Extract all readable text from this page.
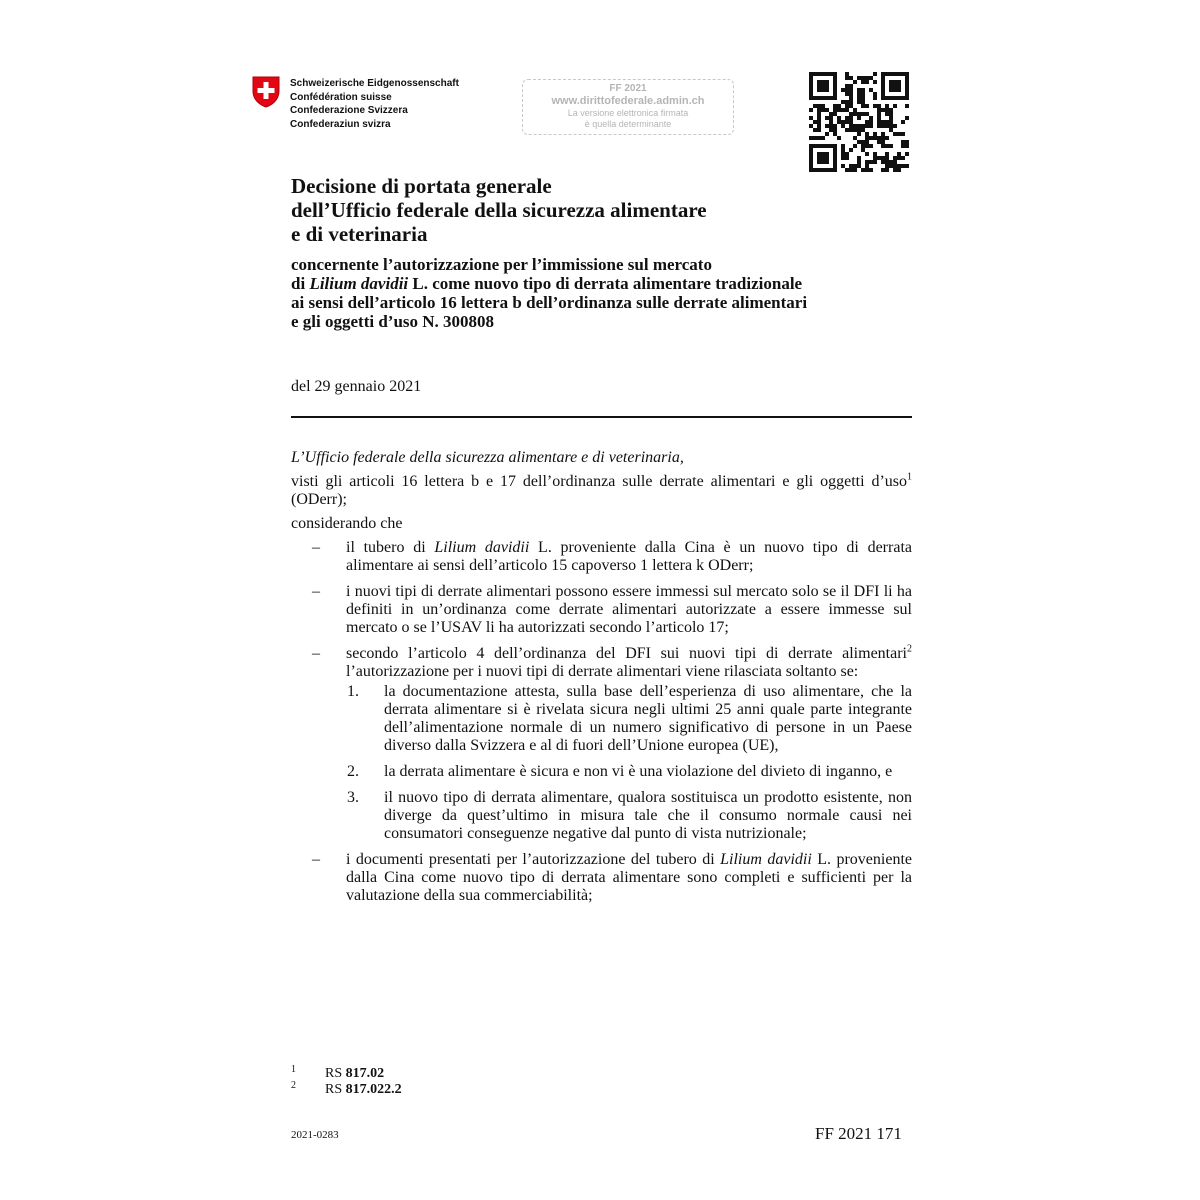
Schweizerische Eidgenossenschaft
Confédération suisse
Confederazione Svizzera
Confederaziun svizra
FF 2021
www.dirittofederale.admin.ch
La versione elettronica firmata
è quella determinante
Decisione di portata generale
dell’Ufficio federale della sicurezza alimentare
e di veterinaria
concernente l’autorizzazione per l’immissione sul mercato
di Lilium davidii L. come nuovo tipo di derrata alimentare tradizionale
ai sensi dell’articolo 16 lettera b dell’ordinanza sulle derrate alimentari
e gli oggetti d’uso N. 300808
del 29 gennaio 2021

L’Ufficio federale della sicurezza alimentare e di veterinaria,

visti gli articoli 16 lettera b e 17 dell’ordinanza sulle derrate alimentari e gli oggetti d’uso$^1$ (ODerr);

considerando che

– il tubero di Lilium davidii L. proveniente dalla Cina è un nuovo tipo di derrata alimentare ai sensi dell’articolo 15 capoverso 1 lettera k ODerr;
– i nuovi tipi di derrate alimentari possono essere immessi sul mercato solo se il DFI li ha definiti in un’ordinanza come derrate alimentari autorizzate a essere immesse sul mercato o se l’USAV li ha autorizzati secondo l’articolo 17;
– secondo l’articolo 4 dell’ordinanza del DFI sui nuovi tipi di derrate alimentari$^2$ l’autorizzazione per i nuovi tipi di derrate alimentari viene rilasciata soltanto se:
1. la documentazione attesta, sulla base dell’esperienza di uso alimentare, che la derrata alimentare si è rivelata sicura negli ultimi 25 anni quale parte integrante dell’alimentazione normale di un numero significativo di persone in un Paese diverso dalla Svizzera e al di fuori dell’Unione europea (UE),
2. la derrata alimentare è sicura e non vi è una violazione del divieto di inganno, e
3. il nuovo tipo di derrata alimentare, qualora sostituisca un prodotto esistente, non diverge da quest’ultimo in misura tale che il consumo normale causi nei consumatori conseguenze negative dal punto di vista nutrizionale;
– i documenti presentati per l’autorizzazione del tubero di Lilium davidii L. proveniente dalla Cina come nuovo tipo di derrata alimentare sono completi e sufficienti per la valutazione della sua commerciabilità;
1 RS 817.02
2 RS 817.022.2
2021-0283	FF 2021 171
